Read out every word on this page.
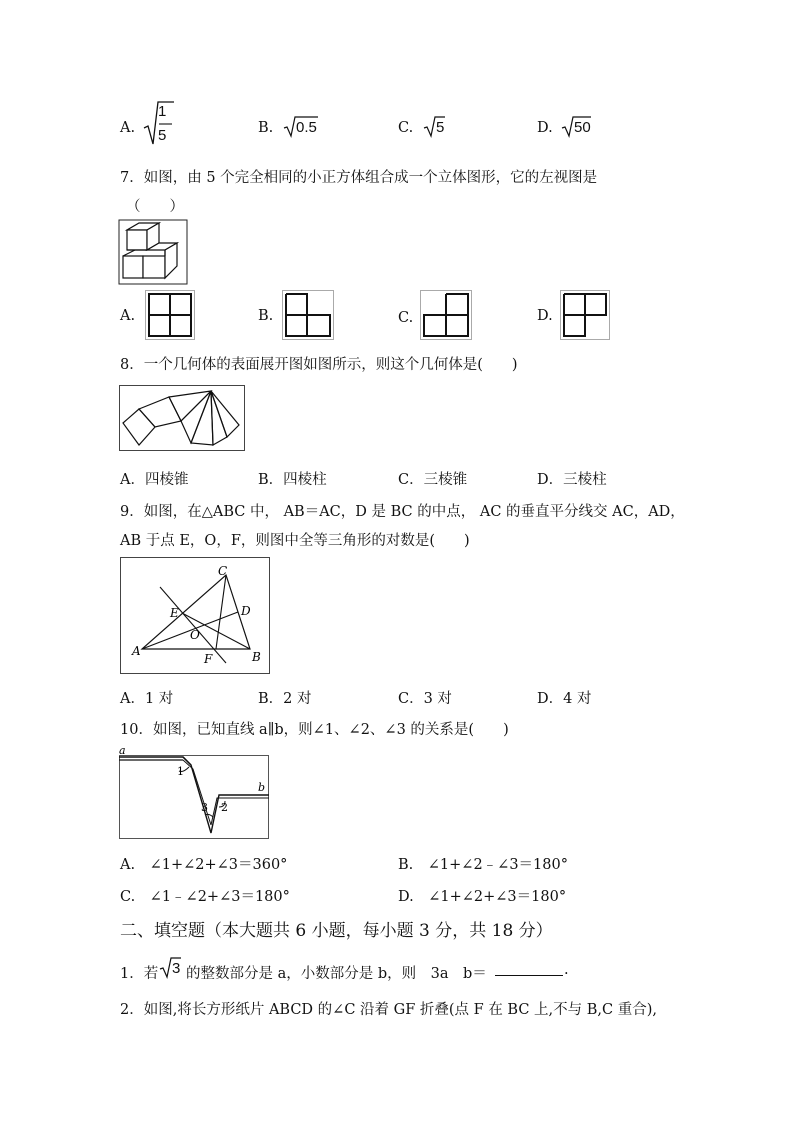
A.
1
5	B. 0.5	C. 5	D. 50
7．如图，由 5 个完全相同的小正方体组合成一个立体图形，它的左视图是
（　　）
A.	B.	C.	D.
8．一个几何体的表面展开图如图所示，则这个几何体是(　　)
A．四棱锥	B．四棱柱	C．三棱锥	D．三棱柱
9．如图，在△ABC 中， AB＝AC，D 是 BC 的中点， AC 的垂直平分线交 AC，AD，
AB 于点 E，O，F，则图中全等三角形的对数是(　　)
C
D
E
O
A	B
F
A．1 对	B．2 对	C．3 对	D．4 对
10．如图，已知直线 a∥b，则∠1、∠2、∠3 的关系是(　　)
a
b
1
2
3
A.　∠1+∠2+∠3＝360°	B.　∠1+∠2﹣∠3＝180°
C.　∠1﹣∠2+∠3＝180°	D.　∠1+∠2+∠3＝180°
二、填空题（本大题共 6 小题，每小题 3 分，共 18 分）
1．若 3 的整数部分是 a，小数部分是 b，则　3a　b＝	.
2．如图,将长方形纸片 ABCD 的∠C 沿着 GF 折叠(点 F 在 BC 上,不与 B,C 重合),
